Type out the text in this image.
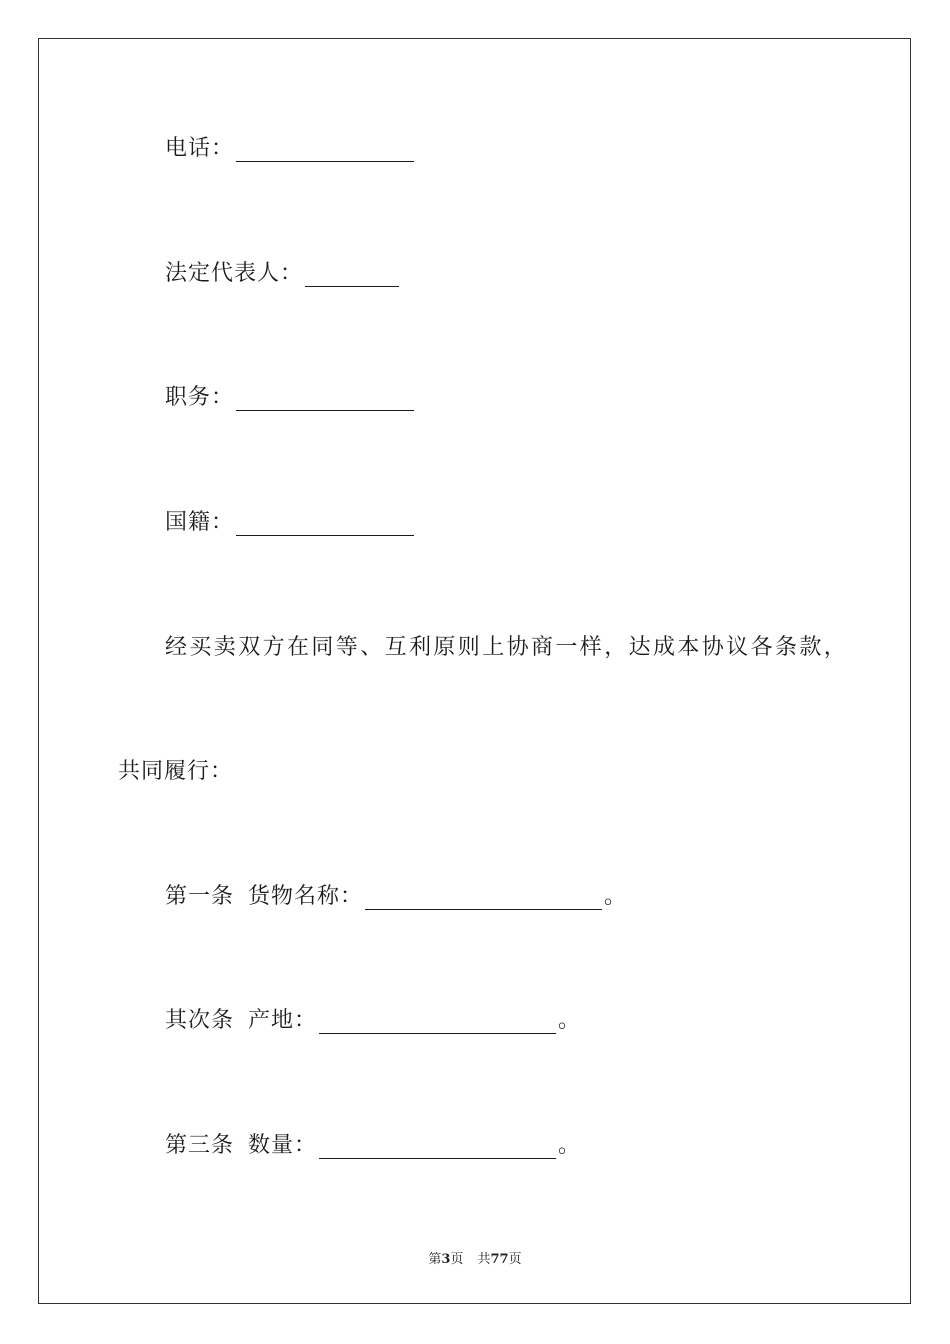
电话：
法定代表人：
职务：
国籍：
经买卖双方在同等、互利原则上协商一样，达成本协议各条款，
共同履行：
第一条 货物名称：	。
其次条 产地：	。
第三条 数量：	。
第3页 共77页
